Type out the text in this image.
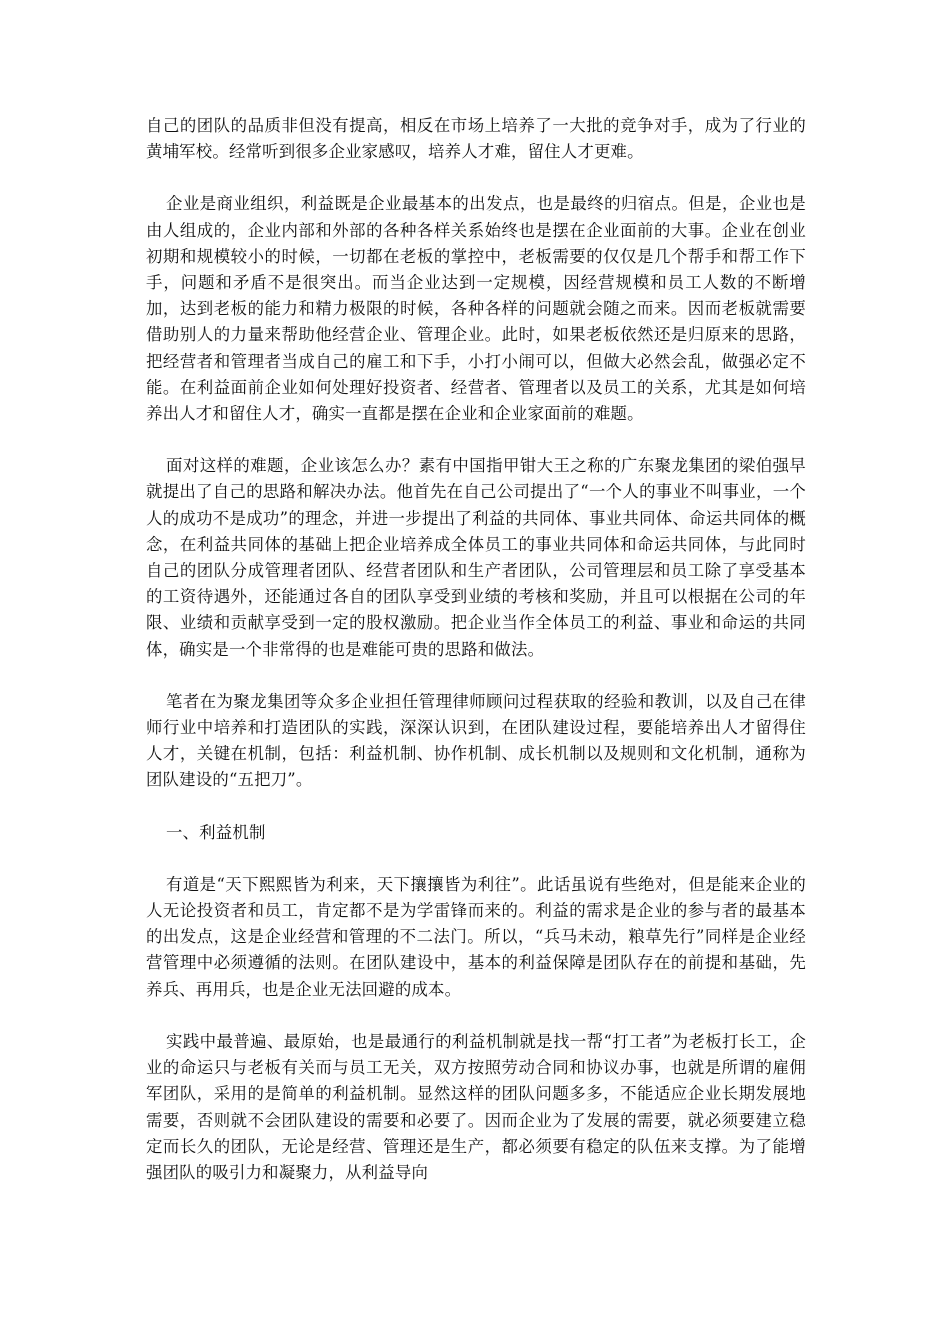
自己的团队的品质非但没有提高，相反在市场上培养了一大批的竞争对手，成为了行业的黄埔军校。经常听到很多企业家感叹，培养人才难，留住人才更难。

企业是商业组织，利益既是企业最基本的出发点，也是最终的归宿点。但是，企业也是由人组成的，企业内部和外部的各种各样关系始终也是摆在企业面前的大事。企业在创业初期和规模较小的时候，一切都在老板的掌控中，老板需要的仅仅是几个帮手和帮工作下手，问题和矛盾不是很突出。而当企业达到一定规模，因经营规模和员工人数的不断增加，达到老板的能力和精力极限的时候，各种各样的问题就会随之而来。因而老板就需要借助别人的力量来帮助他经营企业、管理企业。此时，如果老板依然还是归原来的思路，把经营者和管理者当成自己的雇工和下手，小打小闹可以，但做大必然会乱，做强必定不能。在利益面前企业如何处理好投资者、经营者、管理者以及员工的关系，尤其是如何培养出人才和留住人才，确实一直都是摆在企业和企业家面前的难题。

面对这样的难题，企业该怎么办？素有中国指甲钳大王之称的广东聚龙集团的梁伯强早就提出了自己的思路和解决办法。他首先在自己公司提出了“一个人的事业不叫事业，一个人的成功不是成功”的理念，并进一步提出了利益的共同体、事业共同体、命运共同体的概念，在利益共同体的基础上把企业培养成全体员工的事业共同体和命运共同体，与此同时自己的团队分成管理者团队、经营者团队和生产者团队，公司管理层和员工除了享受基本的工资待遇外，还能通过各自的团队享受到业绩的考核和奖励，并且可以根据在公司的年限、业绩和贡献享受到一定的股权激励。把企业当作全体员工的利益、事业和命运的共同体，确实是一个非常得的也是难能可贵的思路和做法。

笔者在为聚龙集团等众多企业担任管理律师顾问过程获取的经验和教训，以及自己在律师行业中培养和打造团队的实践，深深认识到，在团队建设过程，要能培养出人才留得住人才，关键在机制，包括：利益机制、协作机制、成长机制以及规则和文化机制，通称为团队建设的“五把刀”。

一、利益机制

有道是“天下熙熙皆为利来，天下攘攘皆为利往”。此话虽说有些绝对，但是能来企业的人无论投资者和员工，肯定都不是为学雷锋而来的。利益的需求是企业的参与者的最基本的出发点，这是企业经营和管理的不二法门。所以，“兵马未动，粮草先行”同样是企业经营管理中必须遵循的法则。在团队建设中，基本的利益保障是团队存在的前提和基础，先养兵、再用兵，也是企业无法回避的成本。

实践中最普遍、最原始，也是最通行的利益机制就是找一帮“打工者”为老板打长工，企业的命运只与老板有关而与员工无关，双方按照劳动合同和协议办事，也就是所谓的雇佣军团队，采用的是简单的利益机制。显然这样的团队问题多多，不能适应企业长期发展地需要，否则就不会团队建设的需要和必要了。因而企业为了发展的需要，就必须要建立稳定而长久的团队，无论是经营、管理还是生产，都必须要有稳定的队伍来支撑。为了能增强团队的吸引力和凝聚力，从利益导向
